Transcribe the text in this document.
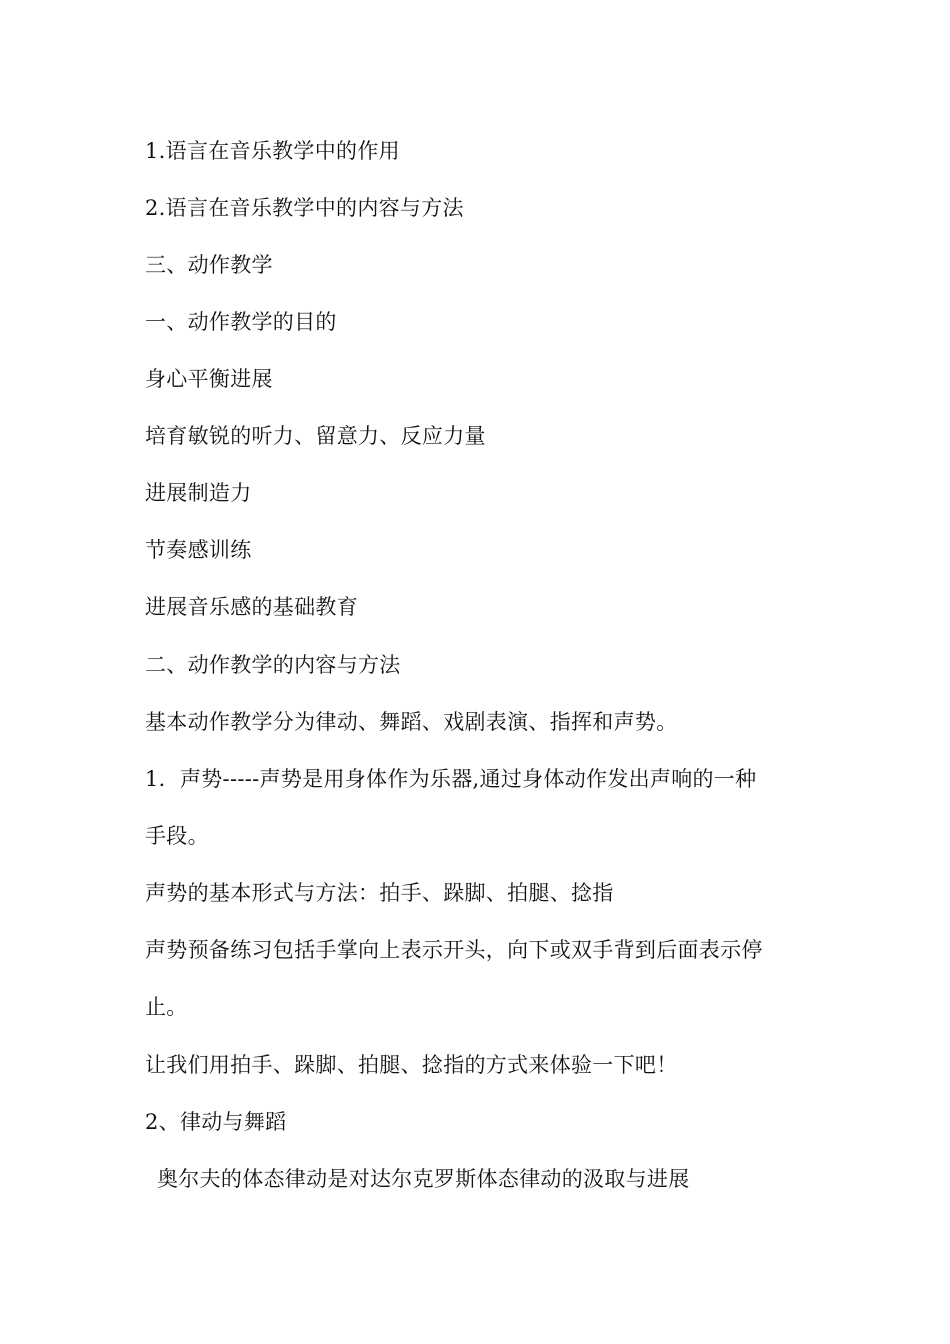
1.语言在音乐教学中的作用
2.语言在音乐教学中的内容与方法
三、动作教学
一、动作教学的目的
身心平衡进展
培育敏锐的听力、留意力、反应力量
进展制造力
节奏感训练
进展音乐感的基础教育
二、动作教学的内容与方法
基本动作教学分为律动、舞蹈、戏剧表演、指挥和声势。
1．声势-----声势是用身体作为乐器,通过身体动作发出声响的一种
手段。
声势的基本形式与方法：拍手、跺脚、拍腿、捻指
声势预备练习包括手掌向上表示开头，向下或双手背到后面表示停
止。
让我们用拍手、跺脚、拍腿、捻指的方式来体验一下吧！
2、律动与舞蹈
奥尔夫的体态律动是对达尔克罗斯体态律动的汲取与进展
